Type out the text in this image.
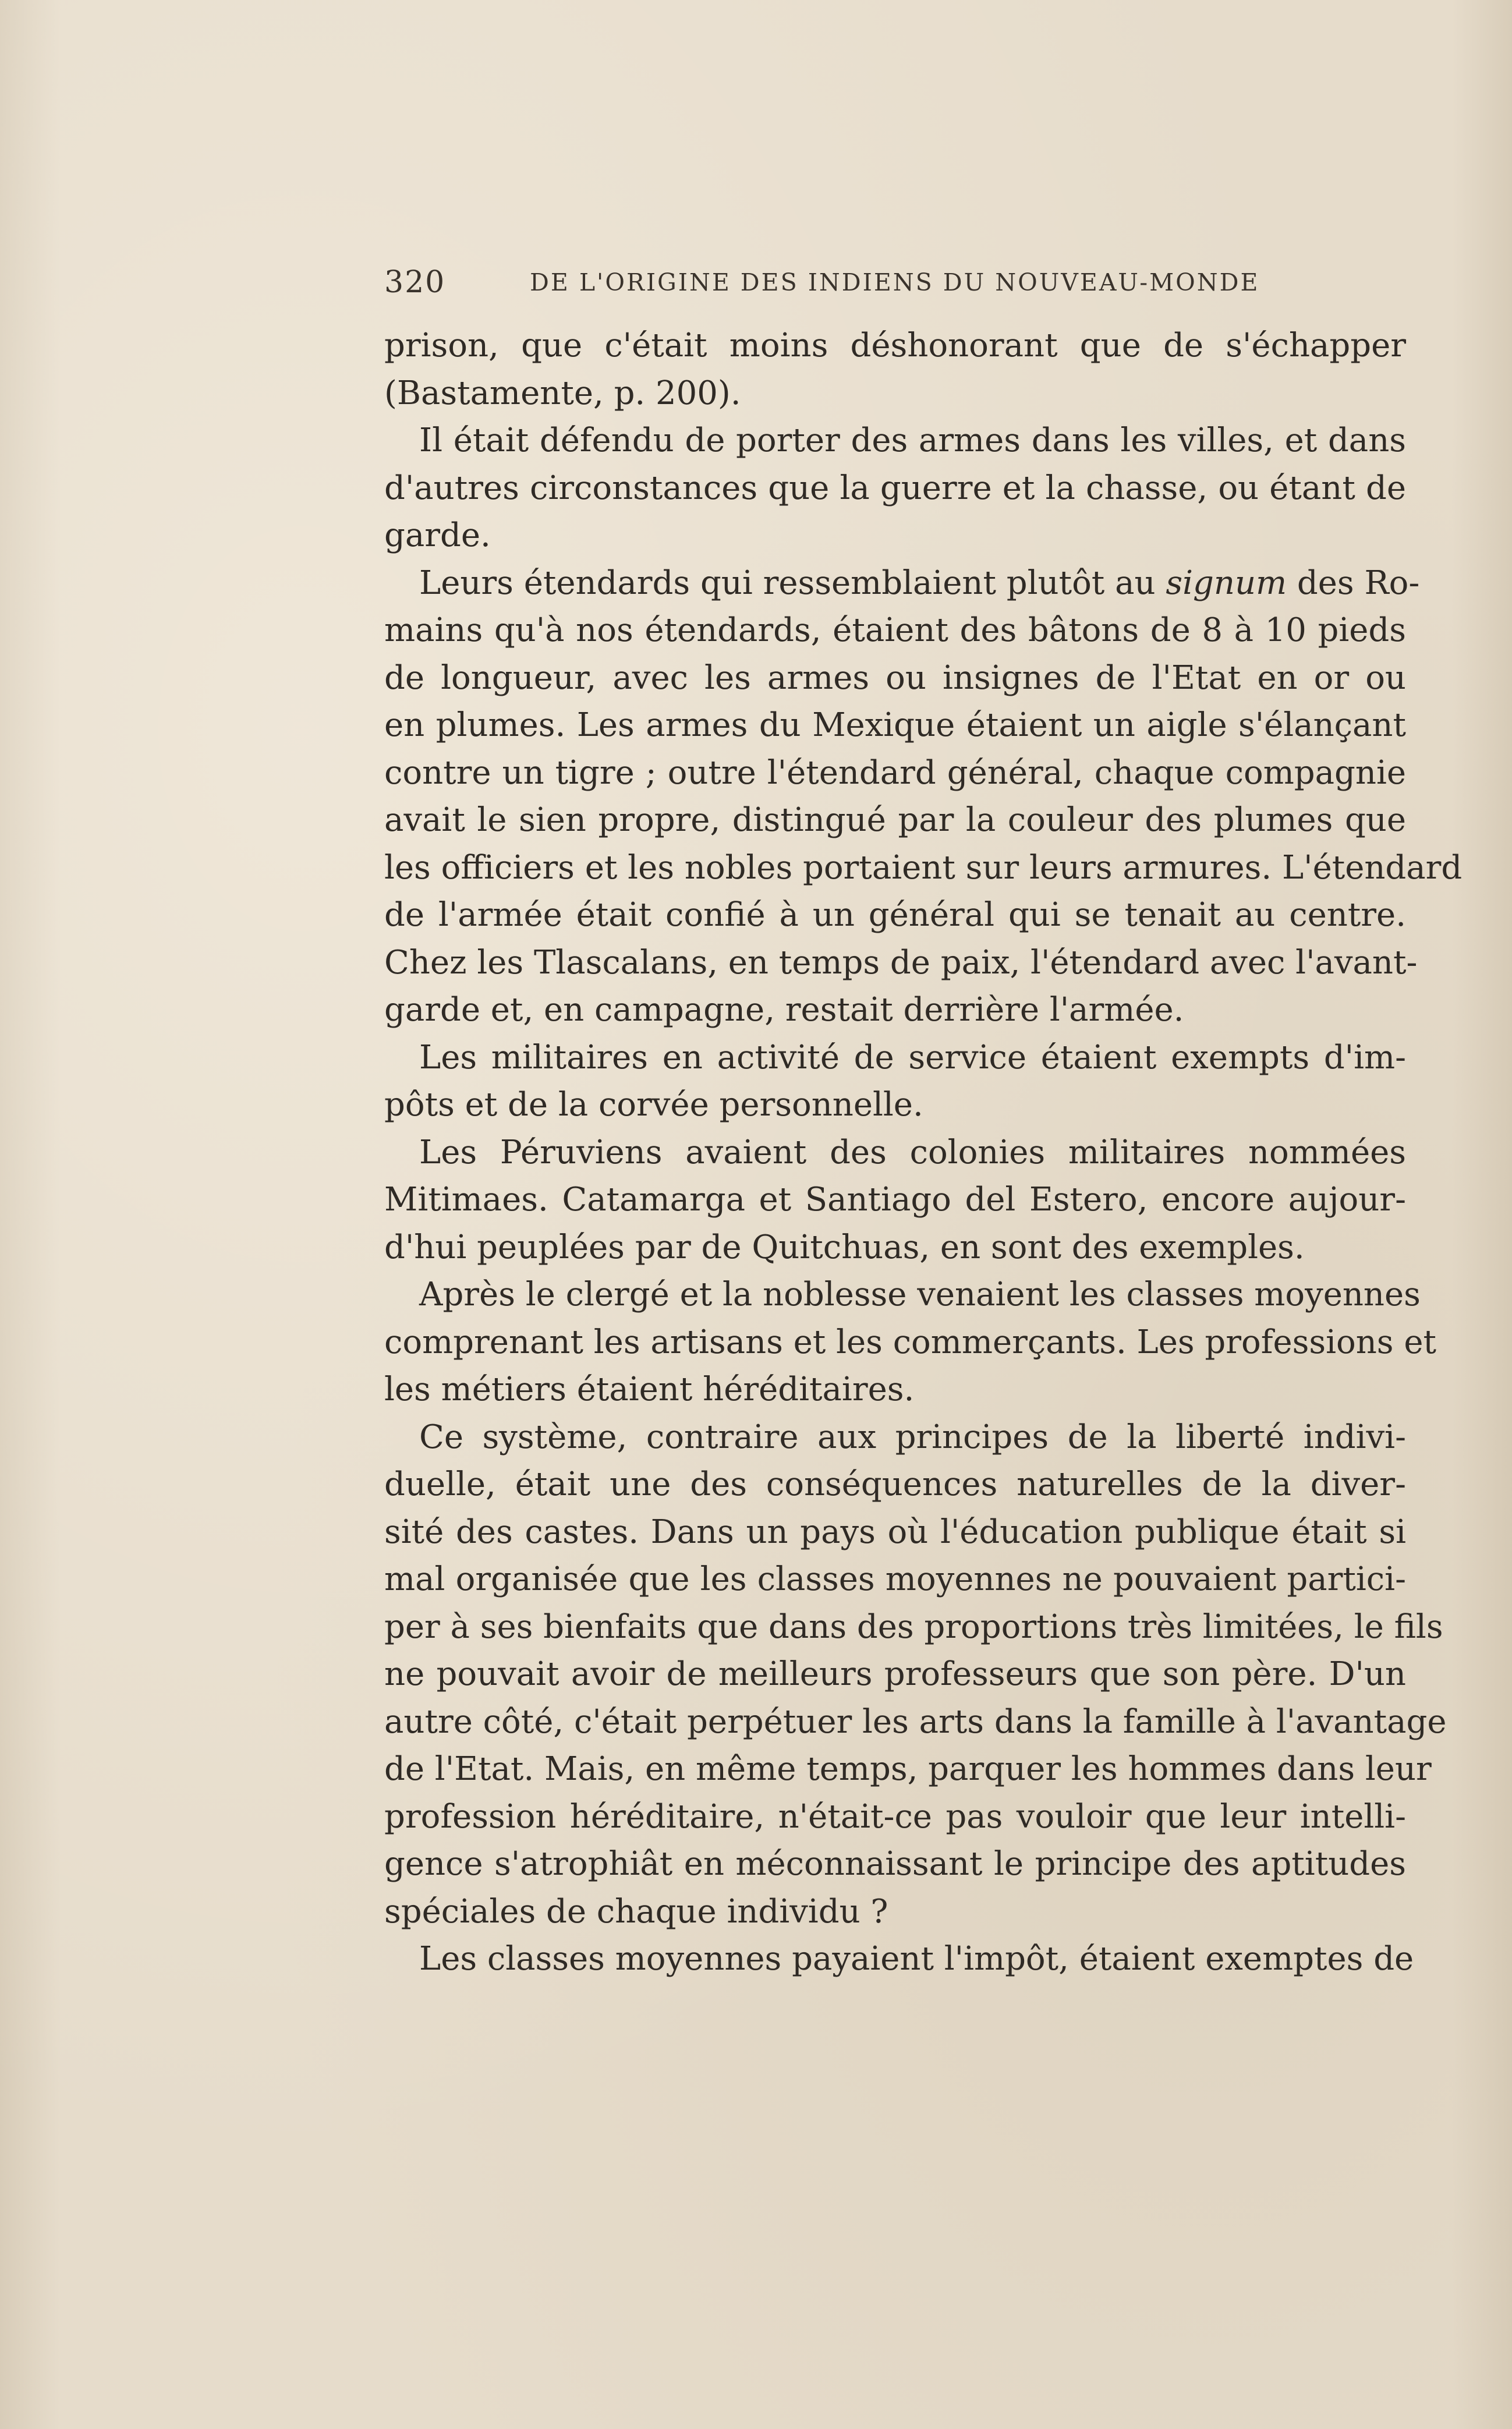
320	DE L'ORIGINE DES INDIENS DU NOUVEAU-MONDE
prison, que c'était moins déshonorant que de s'échapper
(Bastamente, p. 200).
Il était défendu de porter des armes dans les villes, et dans
d'autres circonstances que la guerre et la chasse, ou étant de
garde.
Leurs étendards qui ressemblaient plutôt au signum des Ro-
mains qu'à nos étendards, étaient des bâtons de 8 à 10 pieds
de longueur, avec les armes ou insignes de l'Etat en or ou
en plumes. Les armes du Mexique étaient un aigle s'élançant
contre un tigre ; outre l'étendard général, chaque compagnie
avait le sien propre, distingué par la couleur des plumes que
les officiers et les nobles portaient sur leurs armures. L'étendard
de l'armée était confié à un général qui se tenait au centre.
Chez les Tlascalans, en temps de paix, l'étendard avec l'avant-
garde et, en campagne, restait derrière l'armée.
Les militaires en activité de service étaient exempts d'im-
pôts et de la corvée personnelle.
Les Péruviens avaient des colonies militaires nommées
Mitimaes. Catamarga et Santiago del Estero, encore aujour-
d'hui peuplées par de Quitchuas, en sont des exemples.
Après le clergé et la noblesse venaient les classes moyennes
comprenant les artisans et les commerçants. Les professions et
les métiers étaient héréditaires.
Ce système, contraire aux principes de la liberté indivi-
duelle, était une des conséquences naturelles de la diver-
sité des castes. Dans un pays où l'éducation publique était si
mal organisée que les classes moyennes ne pouvaient partici-
per à ses bienfaits que dans des proportions très limitées, le fils
ne pouvait avoir de meilleurs professeurs que son père. D'un
autre côté, c'était perpétuer les arts dans la famille à l'avantage
de l'Etat. Mais, en même temps, parquer les hommes dans leur
profession héréditaire, n'était-ce pas vouloir que leur intelli-
gence s'atrophiât en méconnaissant le principe des aptitudes
spéciales de chaque individu ?
Les classes moyennes payaient l'impôt, étaient exemptes de
